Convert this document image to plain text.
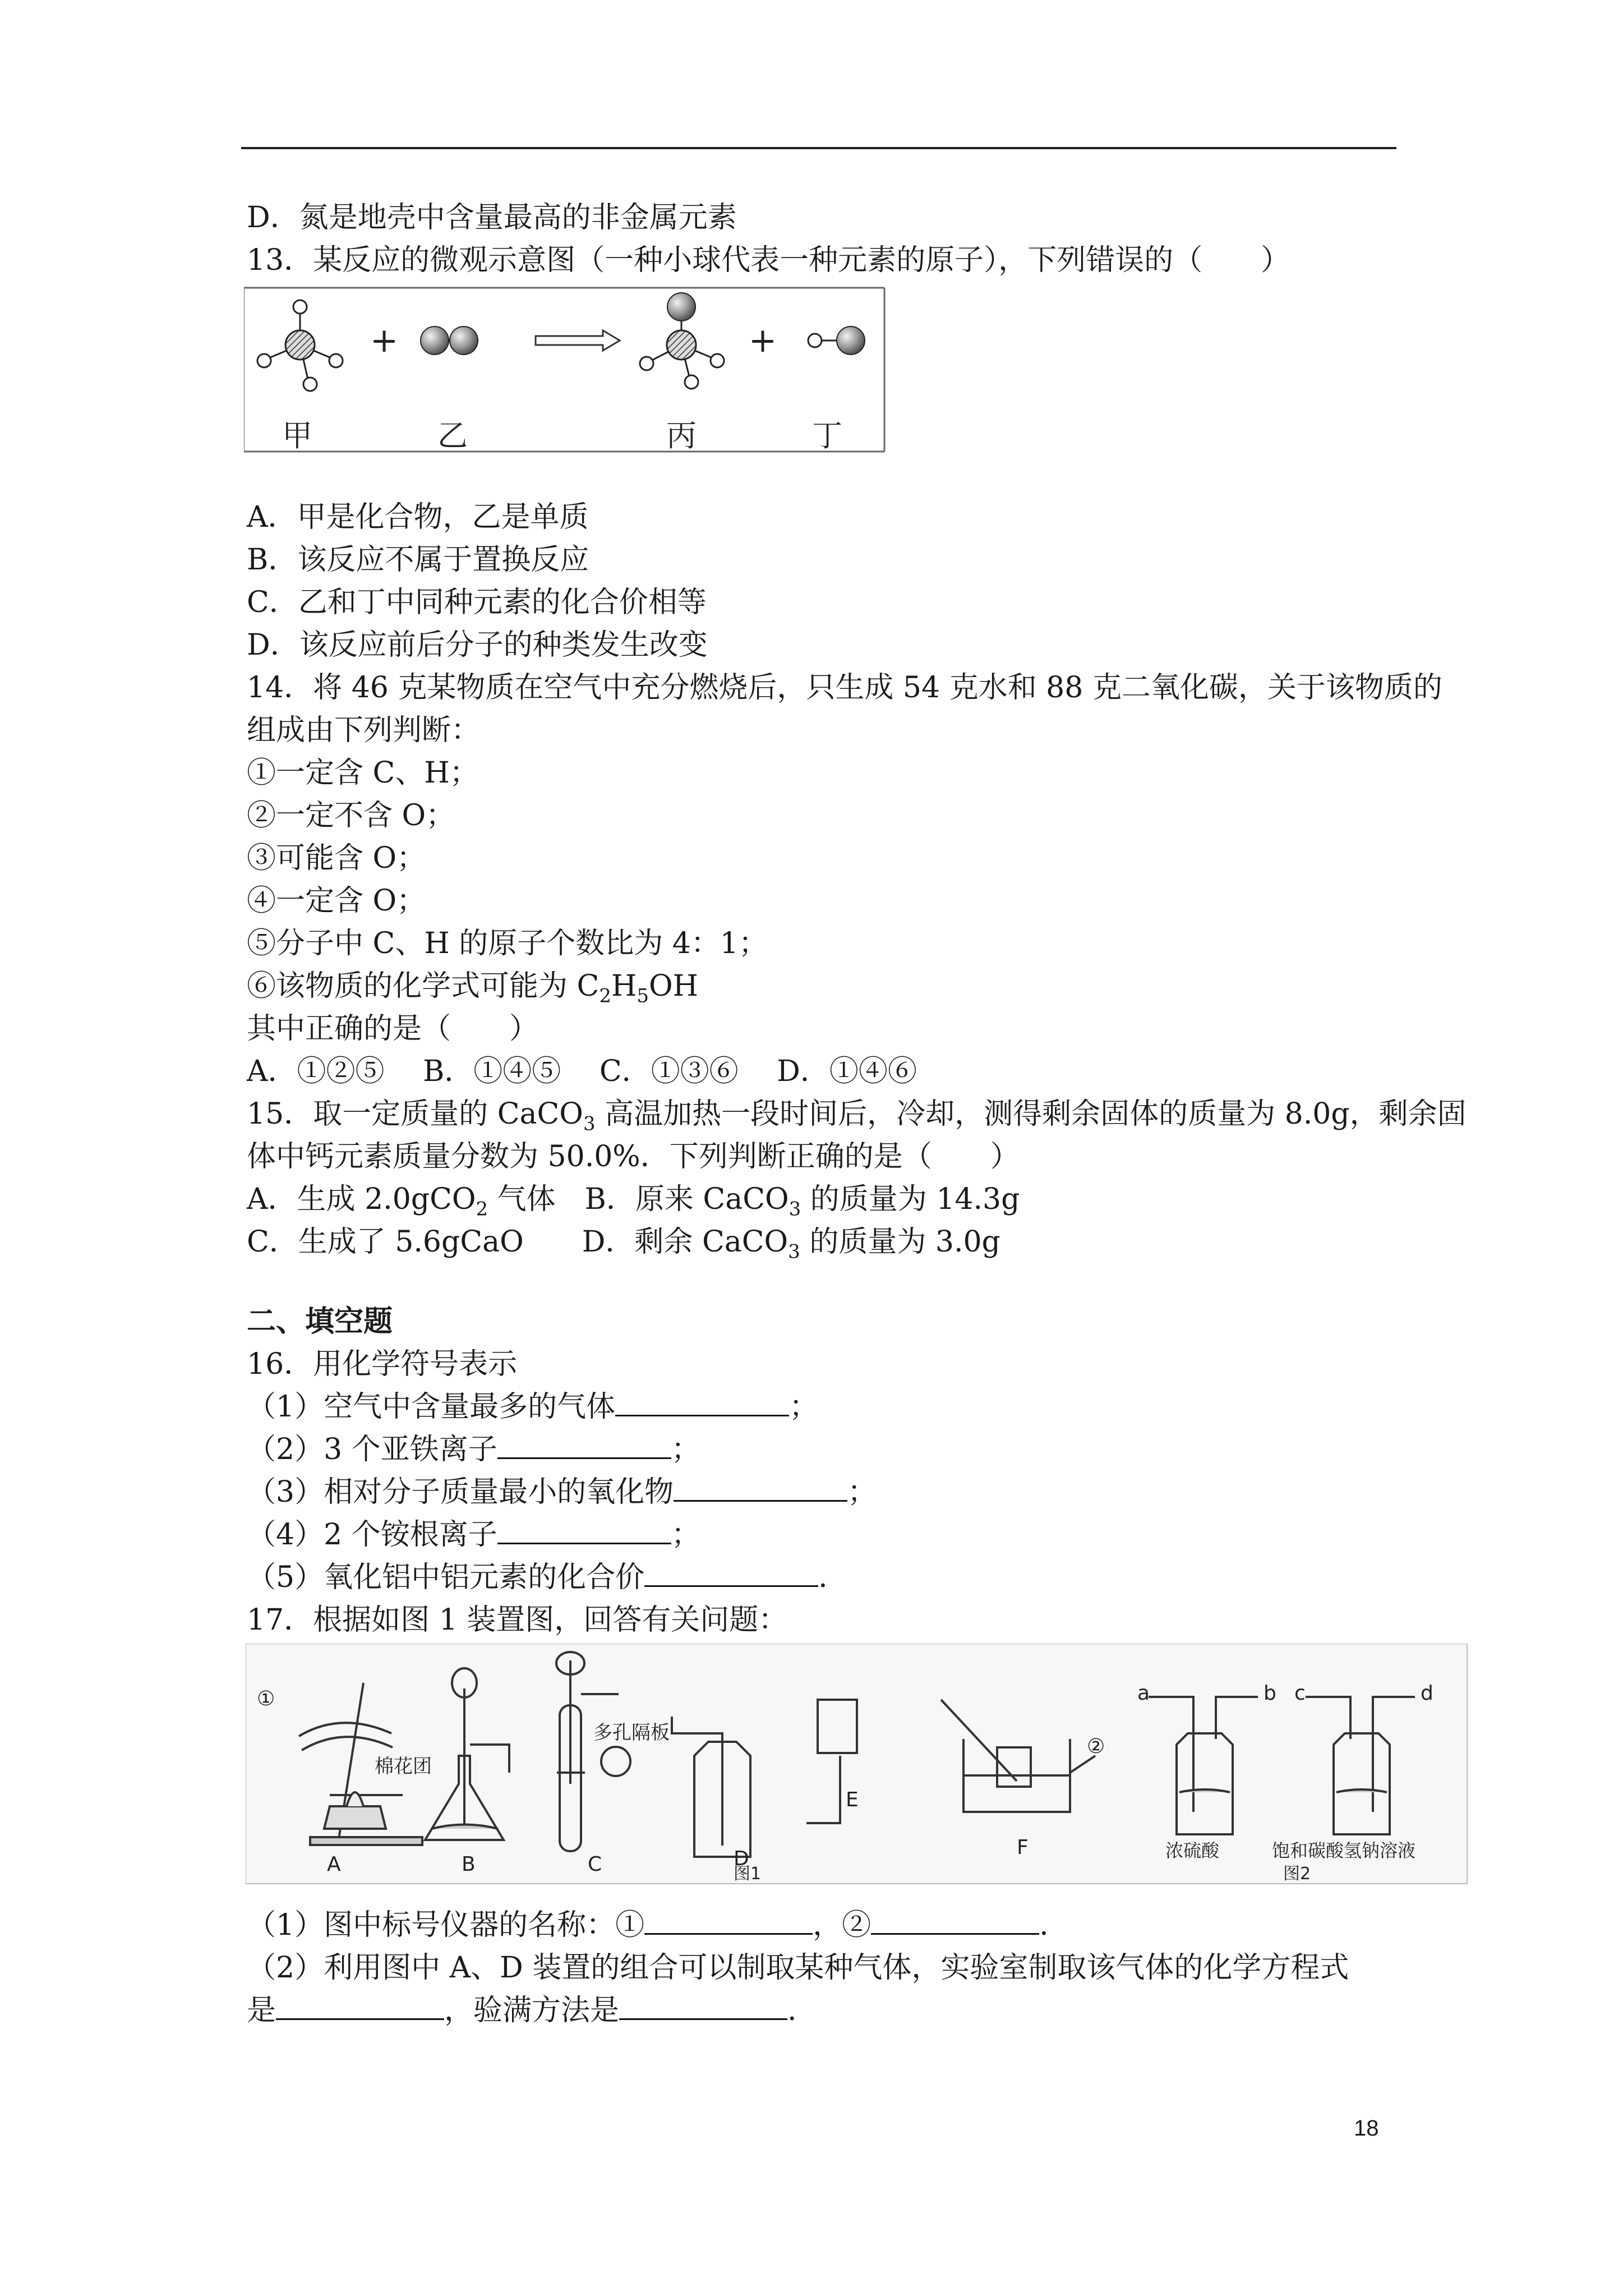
D．氮是地壳中含量最高的非金属元素
13．某反应的微观示意图（一种小球代表一种元素的原子），下列错误的（　　）
+	+
甲	乙	丙	丁
A．甲是化合物，乙是单质
B．该反应不属于置换反应
C．乙和丁中同种元素的化合价相等
D．该反应前后分子的种类发生改变
14．将 46 克某物质在空气中充分燃烧后，只生成 54 克水和 88 克二氧化碳，关于该物质的
组成由下列判断：
①一定含 C、H；
②一定不含 O；
③可能含 O；
④一定含 O；
⑤分子中 C、H 的原子个数比为 4：1；
⑥该物质的化学式可能为 $C_2H_5OH$
其中正确的是（　　）
A．①②⑤　 B．①④⑤　 C．①③⑥　 D．①④⑥
15．取一定质量的 CaCO$_3$ 高温加热一段时间后，冷却，测得剩余固体的质量为 8.0g，剩余固
体中钙元素质量分数为 50.0%．下列判断正确的是（　　）
A．生成 2.0gCO$_2$ 气体　B．原来 CaCO$_3$ 的质量为 14.3g
C．生成了 5.6gCaO　　D．剩余 CaCO$_3$ 的质量为 3.0g
二、填空题
16．用化学符号表示
（1）空气中含量最多的气体	；
（2）3 个亚铁离子	；
（3）相对分子质量最小的氧化物	；
（4）2 个铵根离子	；
（5）氧化铝中铝元素的化合价	.
17．根据如图 1 装置图，回答有关问题：
①
②
棉花团
多孔隔板
A	B	C	D
E
F
a	b c	d
浓硫酸	饱和碳酸氢钠溶液
图1	图2
（1）图中标号仪器的名称：①	，②	.
（2）利用图中 A、D 装置的组合可以制取某种气体，实验室制取该气体的化学方程式
是	，验满方法是	.
18
